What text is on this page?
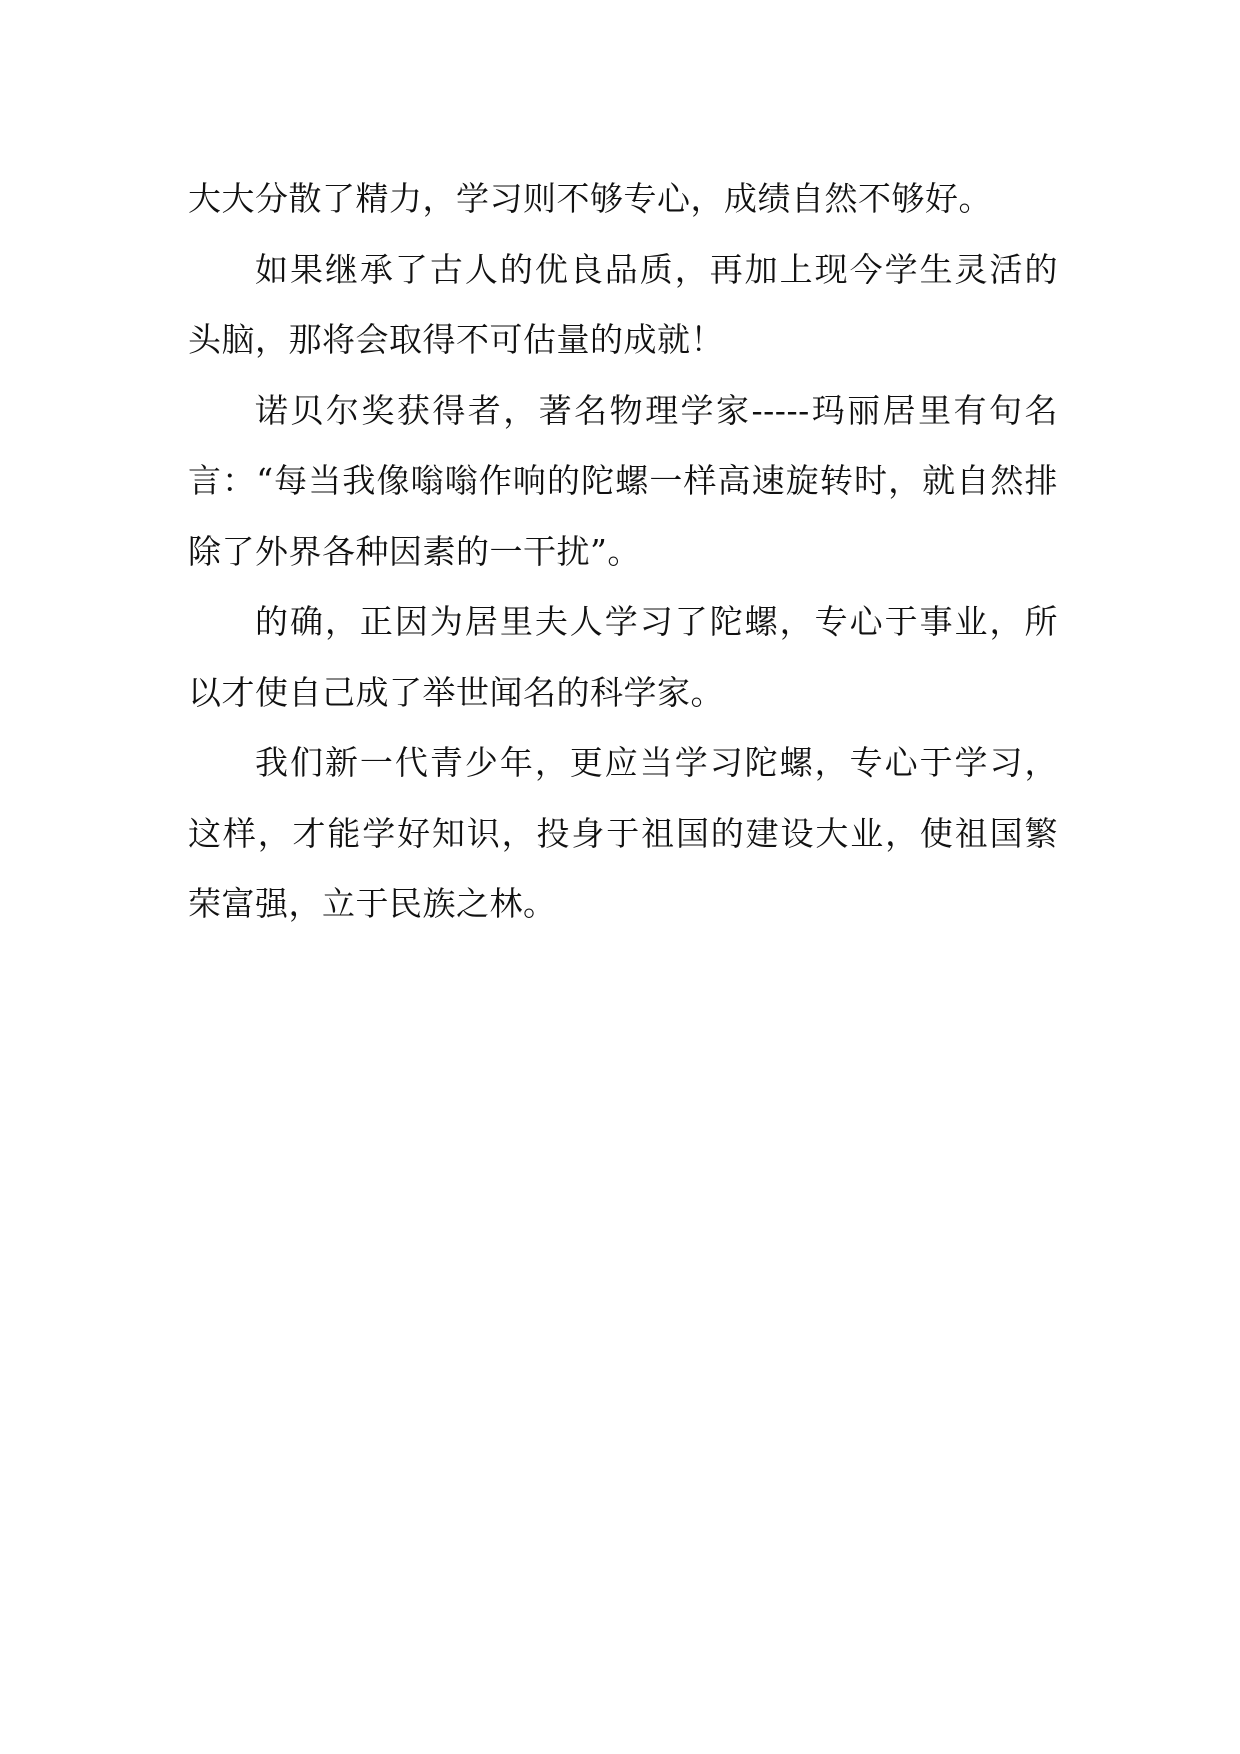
大大分散了精力，学习则不够专心，成绩自然不够好。

如果继承了古人的优良品质，再加上现今学生灵活的头脑，那将会取得不可估量的成就！

诺贝尔奖获得者，著名物理学家-----玛丽居里有句名言：“每当我像嗡嗡作响的陀螺一样高速旋转时，就自然排除了外界各种因素的一干扰”。

的确，正因为居里夫人学习了陀螺，专心于事业，所以才使自己成了举世闻名的科学家。

我们新一代青少年，更应当学习陀螺，专心于学习，这样，才能学好知识，投身于祖国的建设大业，使祖国繁荣富强，立于民族之林。
